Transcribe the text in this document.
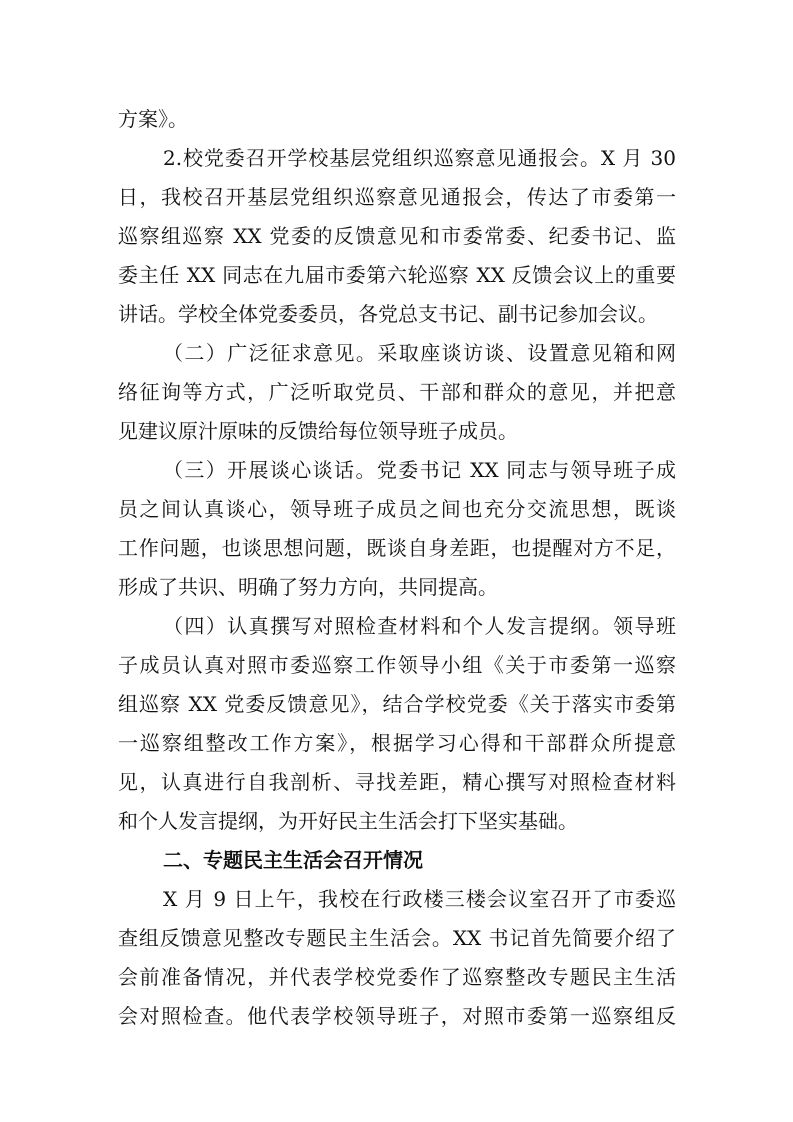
方案》。
2.校党委召开学校基层党组织巡察意见通报会。X 月 30
日，我校召开基层党组织巡察意见通报会，传达了市委第一
巡察组巡察 XX 党委的反馈意见和市委常委、纪委书记、监
委主任 XX 同志在九届市委第六轮巡察 XX 反馈会议上的重要
讲话。学校全体党委委员，各党总支书记、副书记参加会议。
（二）广泛征求意见。采取座谈访谈、设置意见箱和网
络征询等方式，广泛听取党员、干部和群众的意见，并把意
见建议原汁原味的反馈给每位领导班子成员。
（三）开展谈心谈话。党委书记 XX 同志与领导班子成
员之间认真谈心，领导班子成员之间也充分交流思想，既谈
工作问题，也谈思想问题，既谈自身差距，也提醒对方不足，
形成了共识、明确了努力方向，共同提高。
（四）认真撰写对照检查材料和个人发言提纲。领导班
子成员认真对照市委巡察工作领导小组《关于市委第一巡察
组巡察 XX 党委反馈意见》，结合学校党委《关于落实市委第
一巡察组整改工作方案》，根据学习心得和干部群众所提意
见，认真进行自我剖析、寻找差距，精心撰写对照检查材料
和个人发言提纲，为开好民主生活会打下坚实基础。
二、专题民主生活会召开情况
X 月 9 日上午，我校在行政楼三楼会议室召开了市委巡
查组反馈意见整改专题民主生活会。XX 书记首先简要介绍了
会前准备情况，并代表学校党委作了巡察整改专题民主生活
会对照检查。他代表学校领导班子，对照市委第一巡察组反
